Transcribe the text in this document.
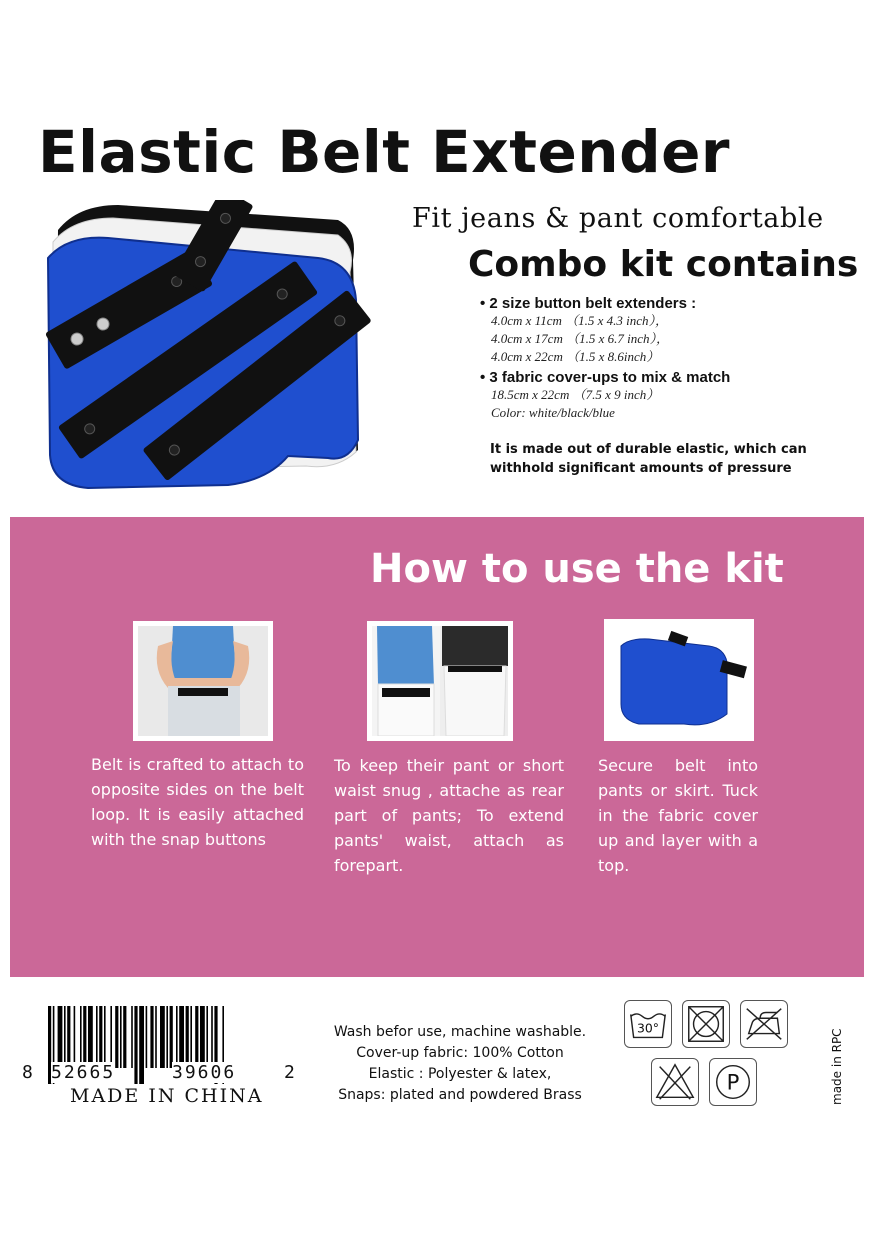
Elastic Belt Extender
Fit jeans & pant comfortable
Combo kit contains
• 2 size button belt extenders :
4.0cm x 11cm （1.5 x 4.3 inch），
4.0cm x 17cm （1.5 x 6.7 inch），
4.0cm x 22cm （1.5 x 8.6inch）
• 3 fabric cover-ups to mix & match
18.5cm x 22cm （7.5 x 9 inch）
Color: white/black/blue
It is made out of durable elastic, which can withhold significant amounts of pressure
How to use the kit
Belt is crafted to attach to opposite sides on the belt loop. It is easily attached with the snap buttons
To keep their pant or short waist snug , attache as rear part of pants; To extend pants' waist, attach as forepart.
Secure belt into pants or skirt. Tuck in the fabric cover up and layer with a top.
8 52665	39606	2
MADE IN CHINA
Wash befor use, machine washable.
Cover-up fabric: 100% Cotton
Elastic : Polyester & latex,
Snaps: plated and powdered Brass
30°
P	made in RPC
